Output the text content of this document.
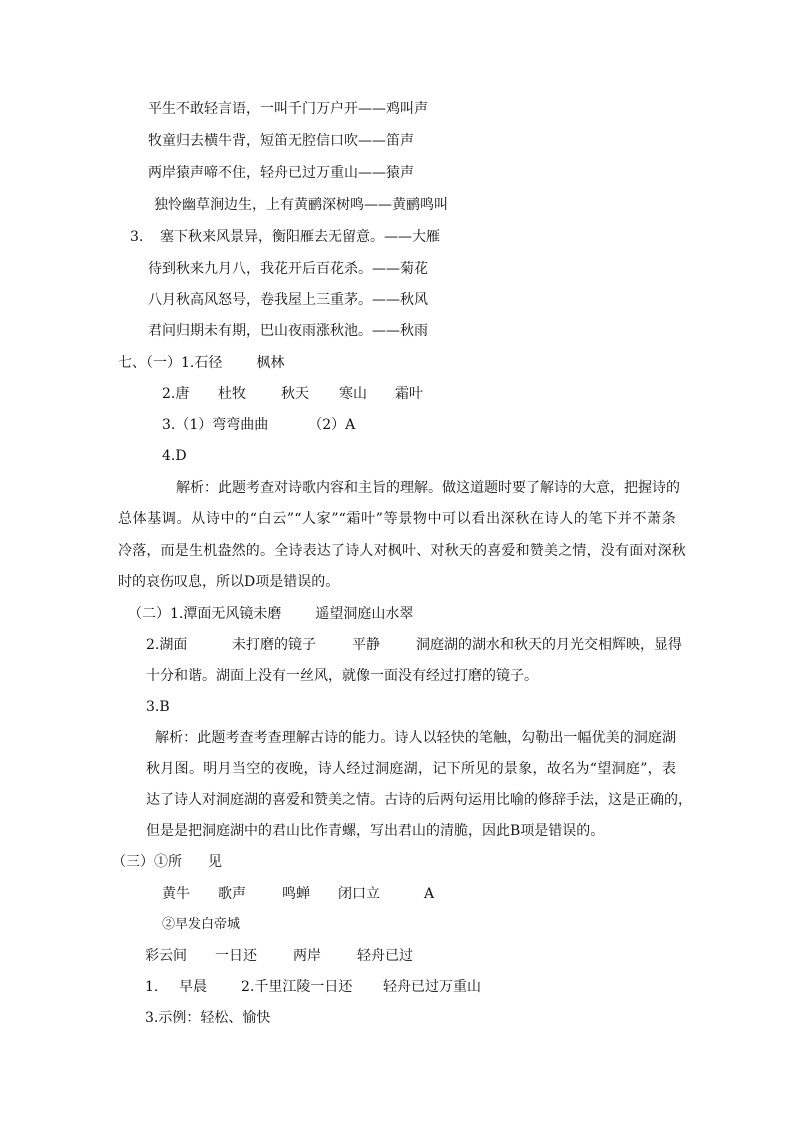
平生不敢轻言语，一叫千门万户开——鸡叫声
牧童归去横牛背，短笛无腔信口吹——笛声
两岸猿声啼不住，轻舟已过万重山——猿声
独怜幽草涧边生，上有黄鹂深树鸣——黄鹂鸣叫
3. 塞下秋来风景异，衡阳雁去无留意。——大雁
待到秋来九月八，我花开后百花杀。——菊花
八月秋高风怒号，卷我屋上三重茅。——秋风
君问归期未有期，巴山夜雨涨秋池。——秋雨
七、（一）1.石径 枫林
2.唐 杜牧	秋天 寒山 霜叶
3.（1）弯弯曲曲	（2）A
4.D
解析：此题考查对诗歌内容和主旨的理解。做这道题时要了解诗的大意，把握诗的
总体基调。从诗中的“白云”“人家”“霜叶”等景物中可以看出深秋在诗人的笔下并不萧条
冷落，而是生机盎然的。全诗表达了诗人对枫叶、对秋天的喜爱和赞美之情，没有面对深秋
时的哀伤叹息，所以D项是错误的。
（二）1.潭面无风镜未磨 遥望洞庭山水翠
2.湖面	未打磨的镜子	平静	洞庭湖的湖水和秋天的月光交相辉映，显得
十分和谐。湖面上没有一丝风，就像一面没有经过打磨的镜子。
3.B
解析：此题考查考查理解古诗的能力。诗人以轻快的笔触，勾勒出一幅优美的洞庭湖
秋月图。明月当空的夜晚，诗人经过洞庭湖，记下所见的景象，故名为“望洞庭”，表
达了诗人对洞庭湖的喜爱和赞美之情。古诗的后两句运用比喻的修辞手法，这是正确的，
但是是把洞庭湖中的君山比作青螺，写出君山的清脆，因此B项是错误的。
（三）①所 见
黄牛 歌声	鸣蝉 闭口立	A
②早发白帝城
彩云间 一日还	两岸	轻舟已过
1. 早晨 2.千里江陵一日还 轻舟已过万重山
3.示例：轻松、愉快
